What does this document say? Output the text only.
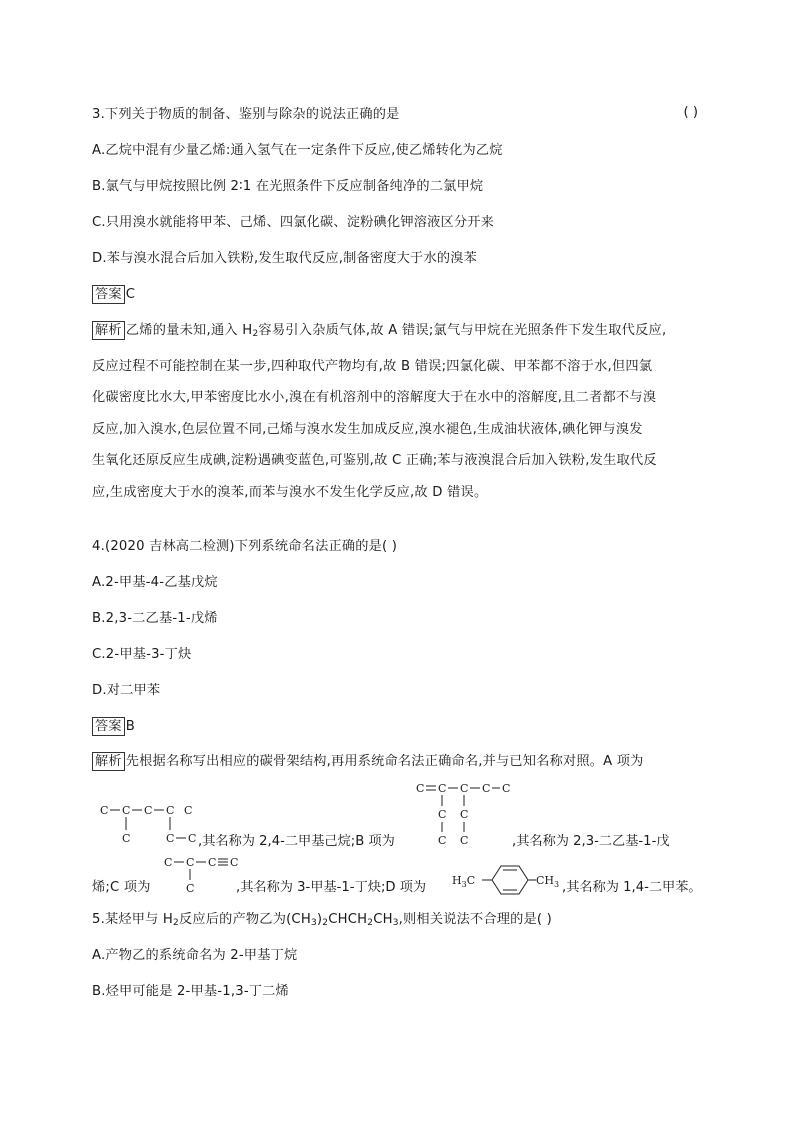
3.下列关于物质的制备、鉴别与除杂的说法正确的是	( )
A.乙烷中混有少量乙烯:通入氢气在一定条件下反应,使乙烯转化为乙烷
B.氯气与甲烷按照比例 2∶1 在光照条件下反应制备纯净的二氯甲烷
C.只用溴水就能将甲苯、己烯、四氯化碳、淀粉碘化钾溶液区分开来
D.苯与溴水混合后加入铁粉,发生取代反应,制备密度大于水的溴苯
答案 C
解析 乙烯的量未知,通入 $H_2$容易引入杂质气体,故 A 错误;氯气与甲烷在光照条件下发生取代反应,
反应过程不可能控制在某一步,四种取代产物均有,故 B 错误;四氯化碳、甲苯都不溶于水,但四氯
化碳密度比水大,甲苯密度比水小,溴在有机溶剂中的溶解度大于在水中的溶解度,且二者都不与溴
反应,加入溴水,色层位置不同,己烯与溴水发生加成反应,溴水褪色,生成油状液体,碘化钾与溴发
生氧化还原反应生成碘,淀粉遇碘变蓝色,可鉴别,故 C 正确;苯与液溴混合后加入铁粉,发生取代反
应,生成密度大于水的溴苯,而苯与溴水不发生化学反应,故 D 错误。
4.(2020 吉林高二检测)下列系统命名法正确的是( )
A.2-甲基-4-乙基戊烷
B.2,3-二乙基-1-戊烯
C.2-甲基-3-丁炔
D.对二甲苯
答案 B
解析 先根据名称写出相应的碳骨架结构,再用系统命名法正确命名,并与已知名称对照。A 项为
C C C C C
C	C C ,其名称为 2,4-二甲基己烷;B 项为
C C C C C
C
C
C
C	,其名称为 2,3-二乙基-1-戊
C C C C
C
烯;C 项为	,其名称为 3-甲基-1-丁炔;D 项为 $H_3C$	$CH_3$ ,其名称为 1,4-二甲苯。
5.某烃甲与 $H_2$反应后的产物乙为$(CH_3)_2CHCH_2CH_3$,则相关说法不合理的是( )
A.产物乙的系统命名为 2-甲基丁烷
B.烃甲可能是 2-甲基-1,3-丁二烯
